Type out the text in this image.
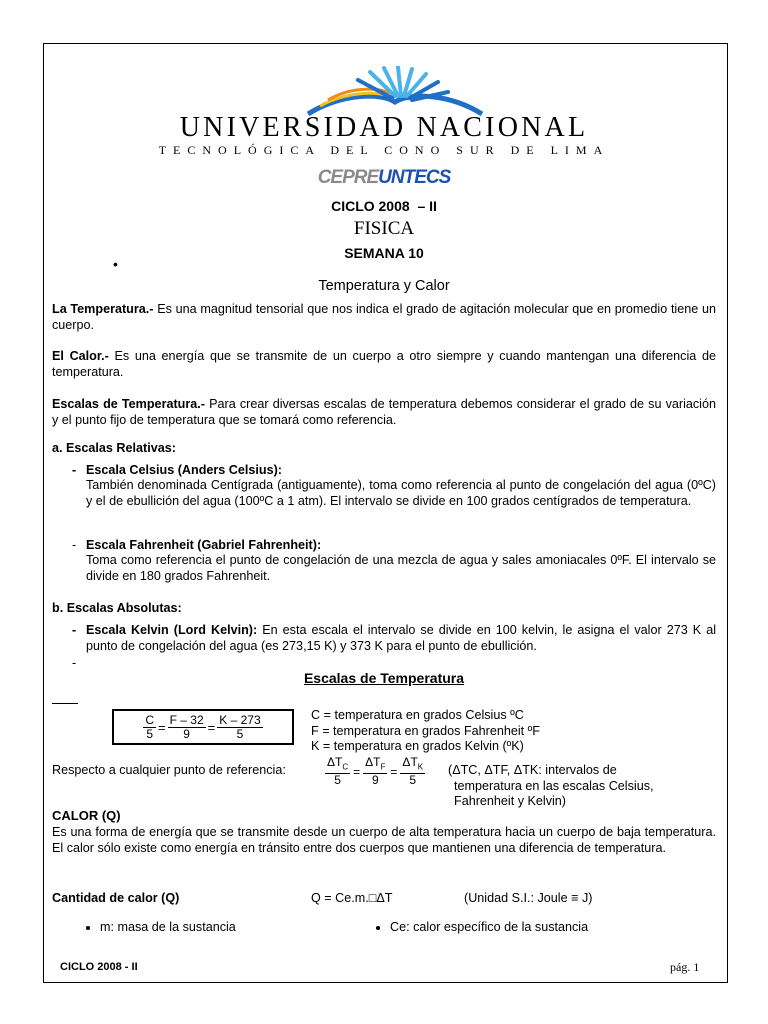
UNIVERSIDAD NACIONAL
TECNOLÓGICA DEL CONO SUR DE LIMA
CEPREUNTECS
CICLO 2008  – II
FISICA
SEMANA 10
•
Temperatura y Calor
La Temperatura.- Es una magnitud tensorial que nos indica el grado de agitación molecular que en promedio tiene un cuerpo.
El Calor.- Es una energía que se transmite de un cuerpo a otro siempre y cuando mantengan una diferencia de temperatura.
Escalas de Temperatura.- Para crear diversas escalas de temperatura debemos considerar el grado de su variación y el punto fijo de temperatura que se tomará como referencia.
a. Escalas Relativas:
- Escala Celsius (Anders Celsius):
También denominada Centígrada (antiguamente), toma como referencia al punto de congelación del agua (0ºC) y el de ebullición del agua (100ºC a 1 atm). El intervalo se divide en 100 grados centígrados de temperatura.
- Escala Fahrenheit (Gabriel Fahrenheit):
Toma como referencia el punto de congelación de una mezcla de agua y sales amoniacales 0ºF. El intervalo se divide en 180 grados Fahrenheit.
b. Escalas Absolutas:
- Escala Kelvin (Lord Kelvin): En esta escala el intervalo se divide en 100 kelvin, le asigna el valor 273 K al punto de congelación del agua (es 273,15 K) y 373 K para el punto de ebullición.
-
Escalas de Temperatura
$\frac{C}{5} = \frac{F - 32}{9} = \frac{K - 273}{5}$	C = temperatura en grados Celsius ºC
F = temperatura en grados Fahrenheit ºF
K = temperatura en grados Kelvin (ºK)
Respecto a cualquier punto de referencia:	$\frac{\Delta T_C}{5} = \frac{\Delta T_F}{9} = \frac{\Delta T_K}{5} (\Delta TC$, ΔTF, ΔTK: intervalos de temperatura en las escalas Celsius, Fahrenheit y Kelvin)
CALOR (Q)
Es una forma de energía que se transmite desde un cuerpo de alta temperatura hacia un cuerpo de baja temperatura. El calor sólo existe como energía en tránsito entre dos cuerpos que mantienen una diferencia de temperatura.
Cantidad de calor (Q)	Q = Ce.m.□ΔT	(Unidad S.I.: Joule ≡ J)
m: masa de la sustancia	Ce: calor específico de la sustancia
CICLO 2008 - II	pág. 1
